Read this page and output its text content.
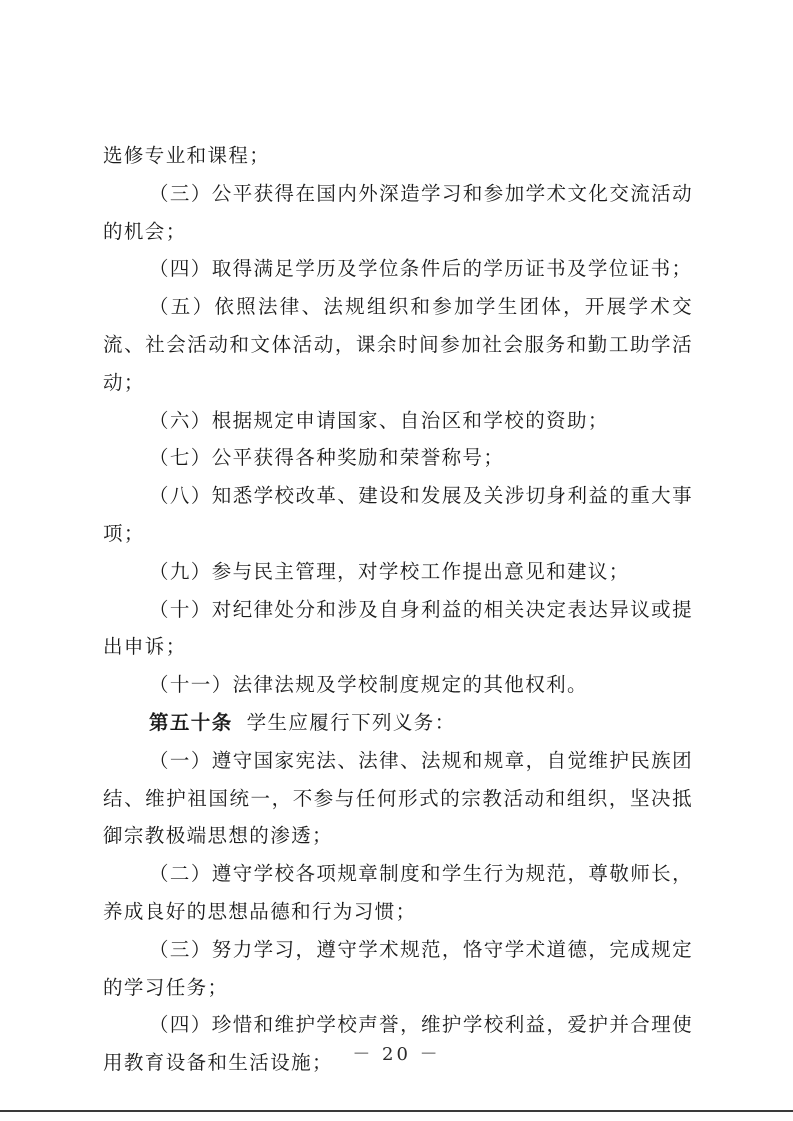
选修专业和课程；

（三）公平获得在国内外深造学习和参加学术文化交流活动的机会；

（四）取得满足学历及学位条件后的学历证书及学位证书；

（五）依照法律、法规组织和参加学生团体，开展学术交流、社会活动和文体活动，课余时间参加社会服务和勤工助学活动；

（六）根据规定申请国家、自治区和学校的资助；

（七）公平获得各种奖励和荣誉称号；

（八）知悉学校改革、建设和发展及关涉切身利益的重大事项；

（九）参与民主管理，对学校工作提出意见和建议；

（十）对纪律处分和涉及自身利益的相关决定表达异议或提出申诉；

（十一）法律法规及学校制度规定的其他权利。

第五十条 学生应履行下列义务：

（一）遵守国家宪法、法律、法规和规章，自觉维护民族团结、维护祖国统一，不参与任何形式的宗教活动和组织，坚决抵御宗教极端思想的渗透；

（二）遵守学校各项规章制度和学生行为规范，尊敬师长，养成良好的思想品德和行为习惯；

（三）努力学习，遵守学术规范，恪守学术道德，完成规定的学习任务；

（四）珍惜和维护学校声誉，维护学校利益，爱护并合理使用教育设备和生活设施；	－ 20 －
